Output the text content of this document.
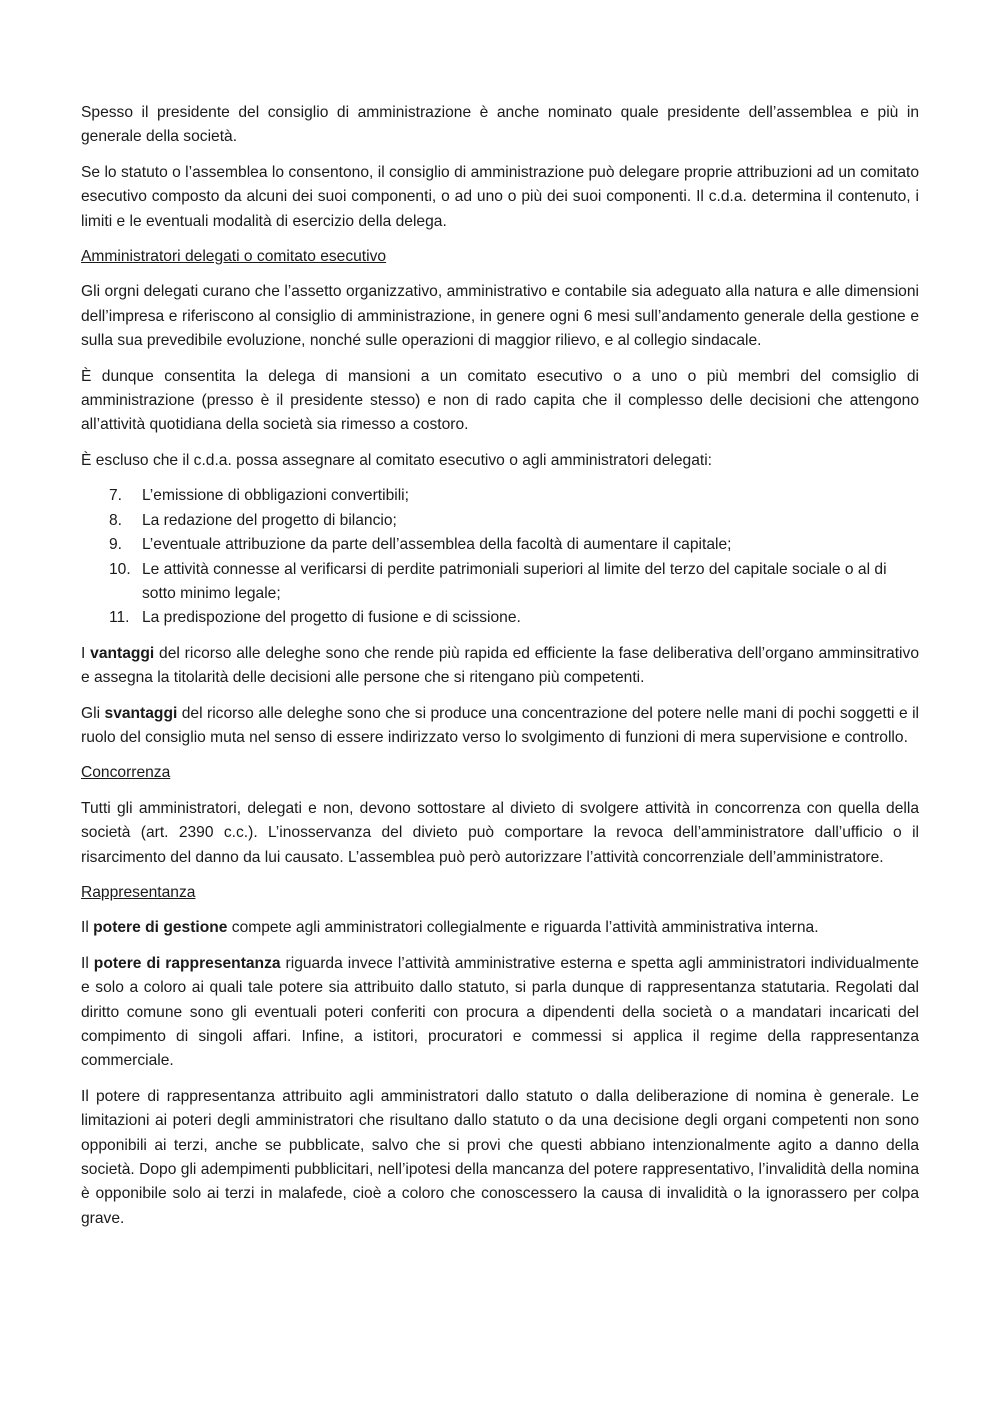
Spesso il presidente del consiglio di amministrazione è anche nominato quale presidente dell’assemblea e più in generale della società.

Se lo statuto o l’assemblea lo consentono, il consiglio di amministrazione può delegare proprie attribuzioni ad un comitato esecutivo composto da alcuni dei suoi componenti, o ad uno o più dei suoi componenti. Il c.d.a. determina il contenuto, i limiti e le eventuali modalità di esercizio della delega.

Amministratori delegati o comitato esecutivo

Gli orgni delegati curano che l’assetto organizzativo, amministrativo e contabile sia adeguato alla natura e alle dimensioni dell’impresa e riferiscono al consiglio di amministrazione, in genere ogni 6 mesi sull’andamento generale della gestione e sulla sua prevedibile evoluzione, nonché sulle operazioni di maggior rilievo, e al collegio sindacale.

È dunque consentita la delega di mansioni a un comitato esecutivo o a uno o più membri del comsiglio di amministrazione (presso è il presidente stesso) e non di rado capita che il complesso delle decisioni che attengono all’attività quotidiana della società sia rimesso a costoro.

È escluso che il c.d.a. possa assegnare al comitato esecutivo o agli amministratori delegati:

7. L’emissione di obbligazioni convertibili;
8. La redazione del progetto di bilancio;
9. L’eventuale attribuzione da parte dell’assemblea della facoltà di aumentare il capitale;
10. Le attività connesse al verificarsi di perdite patrimoniali superiori al limite del terzo del capitale sociale o al di sotto minimo legale;
11. La predispozione del progetto di fusione e di scissione.

I vantaggi del ricorso alle deleghe sono che rende più rapida ed efficiente la fase deliberativa dell’organo amminsitrativo e assegna la titolarità delle decisioni alle persone che si ritengano più competenti.

Gli svantaggi del ricorso alle deleghe sono che si produce una concentrazione del potere nelle mani di pochi soggetti e il ruolo del consiglio muta nel senso di essere indirizzato verso lo svolgimento di funzioni di mera supervisione e controllo.

Concorrenza

Tutti gli amministratori, delegati e non, devono sottostare al divieto di svolgere attività in concorrenza con quella della società (art. 2390 c.c.). L’inosservanza del divieto può comportare la revoca dell’amministratore dall’ufficio o il risarcimento del danno da lui causato. L’assemblea può però autorizzare l’attività concorrenziale dell’amministratore.

Rappresentanza

Il potere di gestione compete agli amministratori collegialmente e riguarda l’attività amministrativa interna.

Il potere di rappresentanza riguarda invece l’attività amministrative esterna e spetta agli amministratori individualmente e solo a coloro ai quali tale potere sia attribuito dallo statuto, si parla dunque di rappresentanza statutaria. Regolati dal diritto comune sono gli eventuali poteri conferiti con procura a dipendenti della società o a mandatari incaricati del compimento di singoli affari. Infine, a istitori, procuratori e commessi si applica il regime della rappresentanza commerciale.

Il potere di rappresentanza attribuito agli amministratori dallo statuto o dalla deliberazione di nomina è generale. Le limitazioni ai poteri degli amministratori che risultano dallo statuto o da una decisione degli organi competenti non sono opponibili ai terzi, anche se pubblicate, salvo che si provi che questi abbiano intenzionalmente agito a danno della società. Dopo gli adempimenti pubblicitari, nell’ipotesi della mancanza del potere rappresentativo, l’invalidità della nomina è opponibile solo ai terzi in malafede, cioè a coloro che conoscessero la causa di invalidità o la ignorassero per colpa grave.
